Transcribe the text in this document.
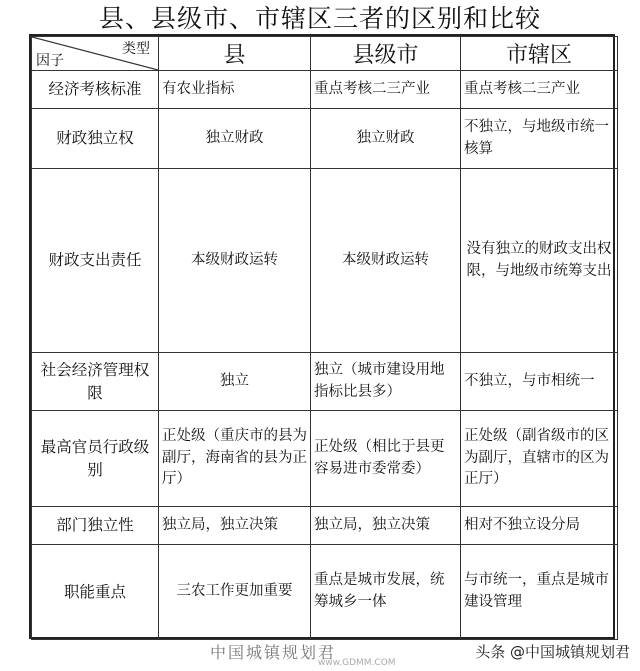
县、县级市、市辖区三者的区别和比较
类型
因子	县	县级市	市辖区
经济考核标准	有农业指标	重点考核二三产业	重点考核二三产业
财政独立权	独立财政	独立财政	不独立，与地级市统一核算
财政支出责任	本级财政运转	本级财政运转	没有独立的财政支出权限，与地级市统筹支出
社会经济管理权限	独立	独立（城市建设用地指标比县多）	不独立，与市相统一
最高官员行政级别	正处级（重庆市的县为副厅，海南省的县为正厅）	正处级（相比于县更容易进市委常委）	正处级（副省级市的区为副厅，直辖市的区为正厅）
部门独立性	独立局，独立决策	独立局，独立决策	相对不独立设分局
职能重点	三农工作更加重要	重点是城市发展，统筹城乡一体	与市统一，重点是城市建设管理
中国城镇规划君
www.GDMM.COM
头条 @中国城镇规划君
